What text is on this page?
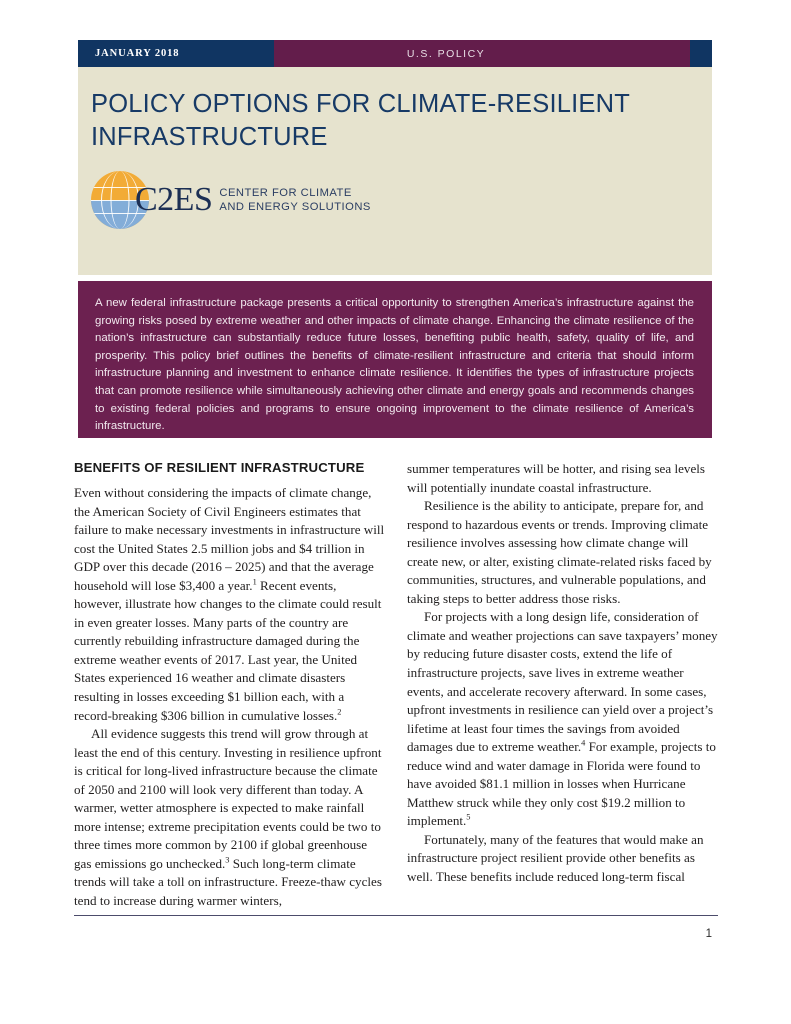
JANUARY 2018	U.S. POLICY
POLICY OPTIONS FOR CLIMATE-RESILIENT INFRASTRUCTURE
C2ES CENTER FOR CLIMATE
AND ENERGY SOLUTIONS

A new federal infrastructure package presents a critical opportunity to strengthen America’s infrastructure against the growing risks posed by extreme weather and other impacts of climate change. Enhancing the climate resilience of the nation’s infrastructure can substantially reduce future losses, benefiting public health, safety, quality of life, and prosperity. This policy brief outlines the benefits of climate-resilient infrastructure and criteria that should inform infrastructure planning and investment to enhance climate resilience. It identifies the types of infrastructure projects that can promote resilience while simultaneously achieving other climate and energy goals and recommends changes to existing federal policies and programs to ensure ongoing improvement to the climate resilience of America’s infrastructure.

BENEFITS OF RESILIENT INFRASTRUCTURE

Even without considering the impacts of climate change, the American Society of Civil Engineers estimates that failure to make necessary investments in infrastructure will cost the United States 2.5 million jobs and $4 trillion in GDP over this decade (2016 – 2025) and that the average household will lose $3,400 a year.$^1$ Recent events, however, illustrate how changes to the climate could result in even greater losses. Many parts of the country are currently rebuilding infrastructure damaged during the extreme weather events of 2017. Last year, the United States experienced 16 weather and climate disasters resulting in losses exceeding $1 billion each, with a record-breaking $306 billion in cumulative losses.$^2$

All evidence suggests this trend will grow through at least the end of this century. Investing in resilience upfront is critical for long-lived infrastructure because the climate of 2050 and 2100 will look very different than today. A warmer, wetter atmosphere is expected to make rainfall more intense; extreme precipitation events could be two to three times more common by 2100 if global greenhouse gas emissions go unchecked.$^3$ Such long-term climate trends will take a toll on infrastructure. Freeze-thaw cycles tend to increase during warmer winters,

summer temperatures will be hotter, and rising sea levels will potentially inundate coastal infrastructure.

Resilience is the ability to anticipate, prepare for, and respond to hazardous events or trends. Improving climate resilience involves assessing how climate change will create new, or alter, existing climate-related risks faced by communities, structures, and vulnerable populations, and taking steps to better address those risks.

For projects with a long design life, consideration of climate and weather projections can save taxpayers’ money by reducing future disaster costs, extend the life of infrastructure projects, save lives in extreme weather events, and accelerate recovery afterward. In some cases, upfront investments in resilience can yield over a project’s lifetime at least four times the savings from avoided damages due to extreme weather.$^4$ For example, projects to reduce wind and water damage in Florida were found to have avoided $81.1 million in losses when Hurricane Matthew struck while they only cost $19.2 million to implement.$^5$

Fortunately, many of the features that would make an infrastructure project resilient provide other benefits as well. These benefits include reduced long-term fiscal

1
